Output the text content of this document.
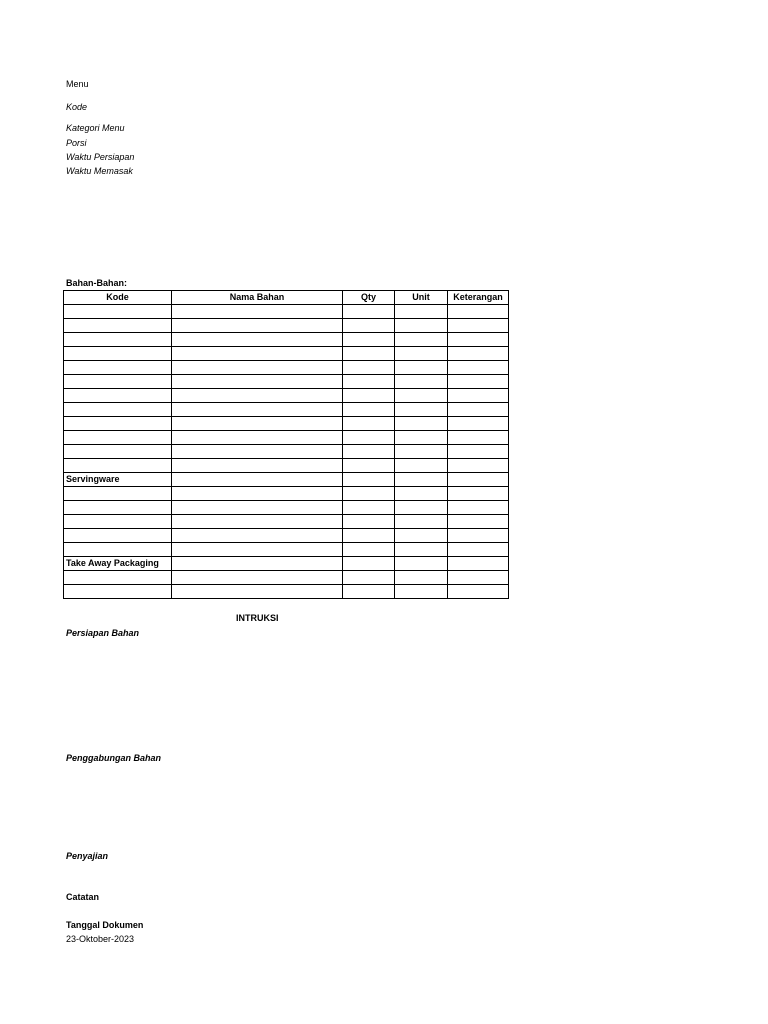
Menu
Kode
Kategori Menu
Porsi
Waktu Persiapan
Waktu Memasak
Bahan-Bahan:
Kode	Nama Bahan	Qty	Unit	Keterangan

Servingware				

Take Away Packaging				

INTRUKSI
Persiapan Bahan
Penggabungan Bahan
Penyajian
Catatan
Tanggal Dokumen
23-Oktober-2023
